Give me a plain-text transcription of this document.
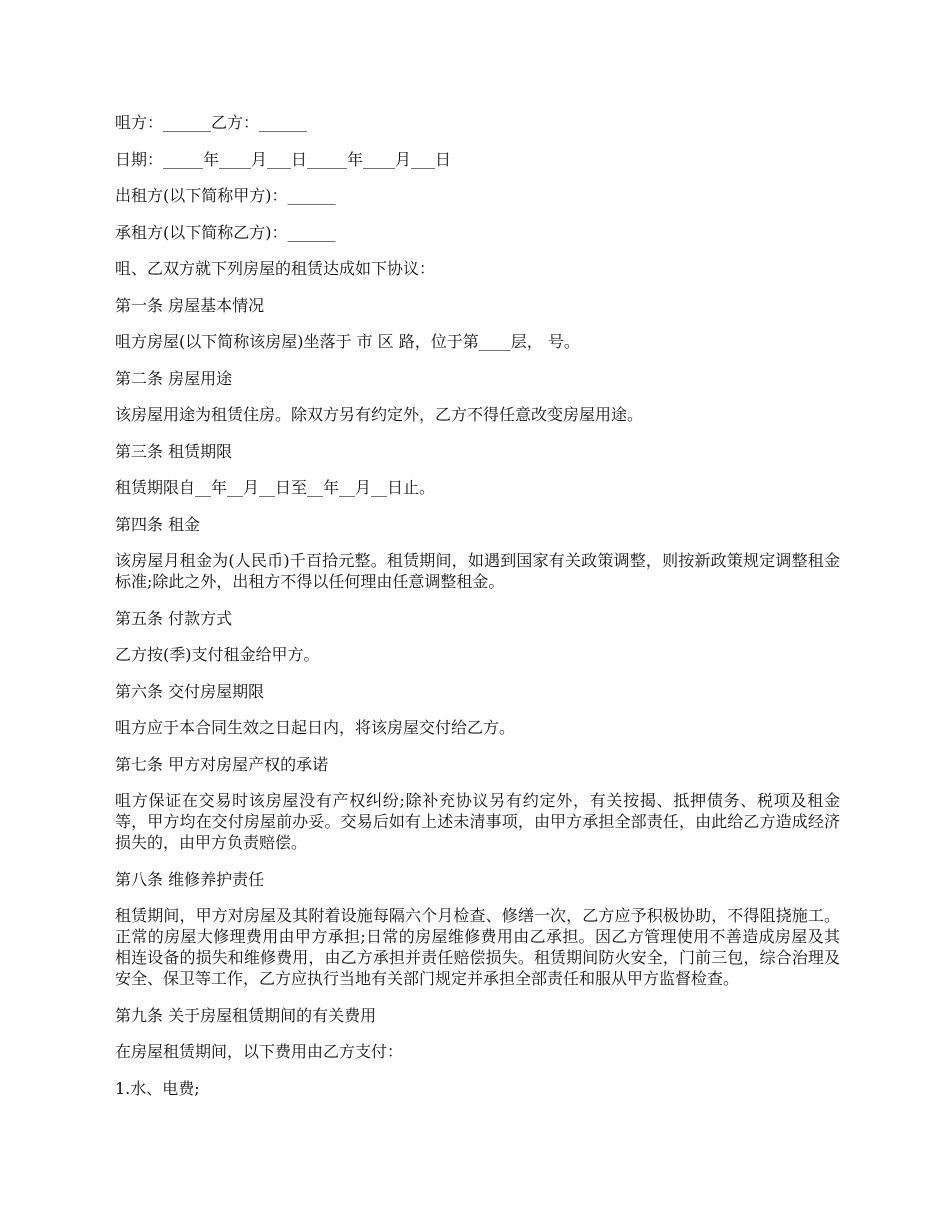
咀方：______乙方：______

日期：_____年____月___日_____年____月___日

出租方(以下简称甲方)：______

承租方(以下简称乙方)：______

咀、乙双方就下列房屋的租赁达成如下协议：

第一条 房屋基本情况

咀方房屋(以下简称该房屋)坐落于 市 区 路，位于第____层， 号。

第二条 房屋用途

该房屋用途为租赁住房。除双方另有约定外，乙方不得任意改变房屋用途。

第三条 租赁期限

租赁期限自__年__月__日至__年__月__日止。

第四条 租金

该房屋月租金为(人民币)千百拾元整。租赁期间，如遇到国家有关政策调整，则按新政策规定调整租金标准;除此之外，出租方不得以任何理由任意调整租金。

第五条 付款方式

乙方按(季)支付租金给甲方。

第六条 交付房屋期限

咀方应于本合同生效之日起日内，将该房屋交付给乙方。

第七条 甲方对房屋产权的承诺

咀方保证在交易时该房屋没有产权纠纷;除补充协议另有约定外，有关按揭、抵押债务、税项及租金等，甲方均在交付房屋前办妥。交易后如有上述未清事项，由甲方承担全部责任，由此给乙方造成经济损失的，由甲方负责赔偿。

第八条 维修养护责任

租赁期间，甲方对房屋及其附着设施每隔六个月检查、修缮一次，乙方应予积极协助，不得阻挠施工。正常的房屋大修理费用由甲方承担;日常的房屋维修费用由乙承担。因乙方管理使用不善造成房屋及其相连设备的损失和维修费用，由乙方承担并责任赔偿损失。租赁期间防火安全，门前三包，综合治理及安全、保卫等工作，乙方应执行当地有关部门规定并承担全部责任和服从甲方监督检查。

第九条 关于房屋租赁期间的有关费用

在房屋租赁期间，以下费用由乙方支付：

1.水、电费;
